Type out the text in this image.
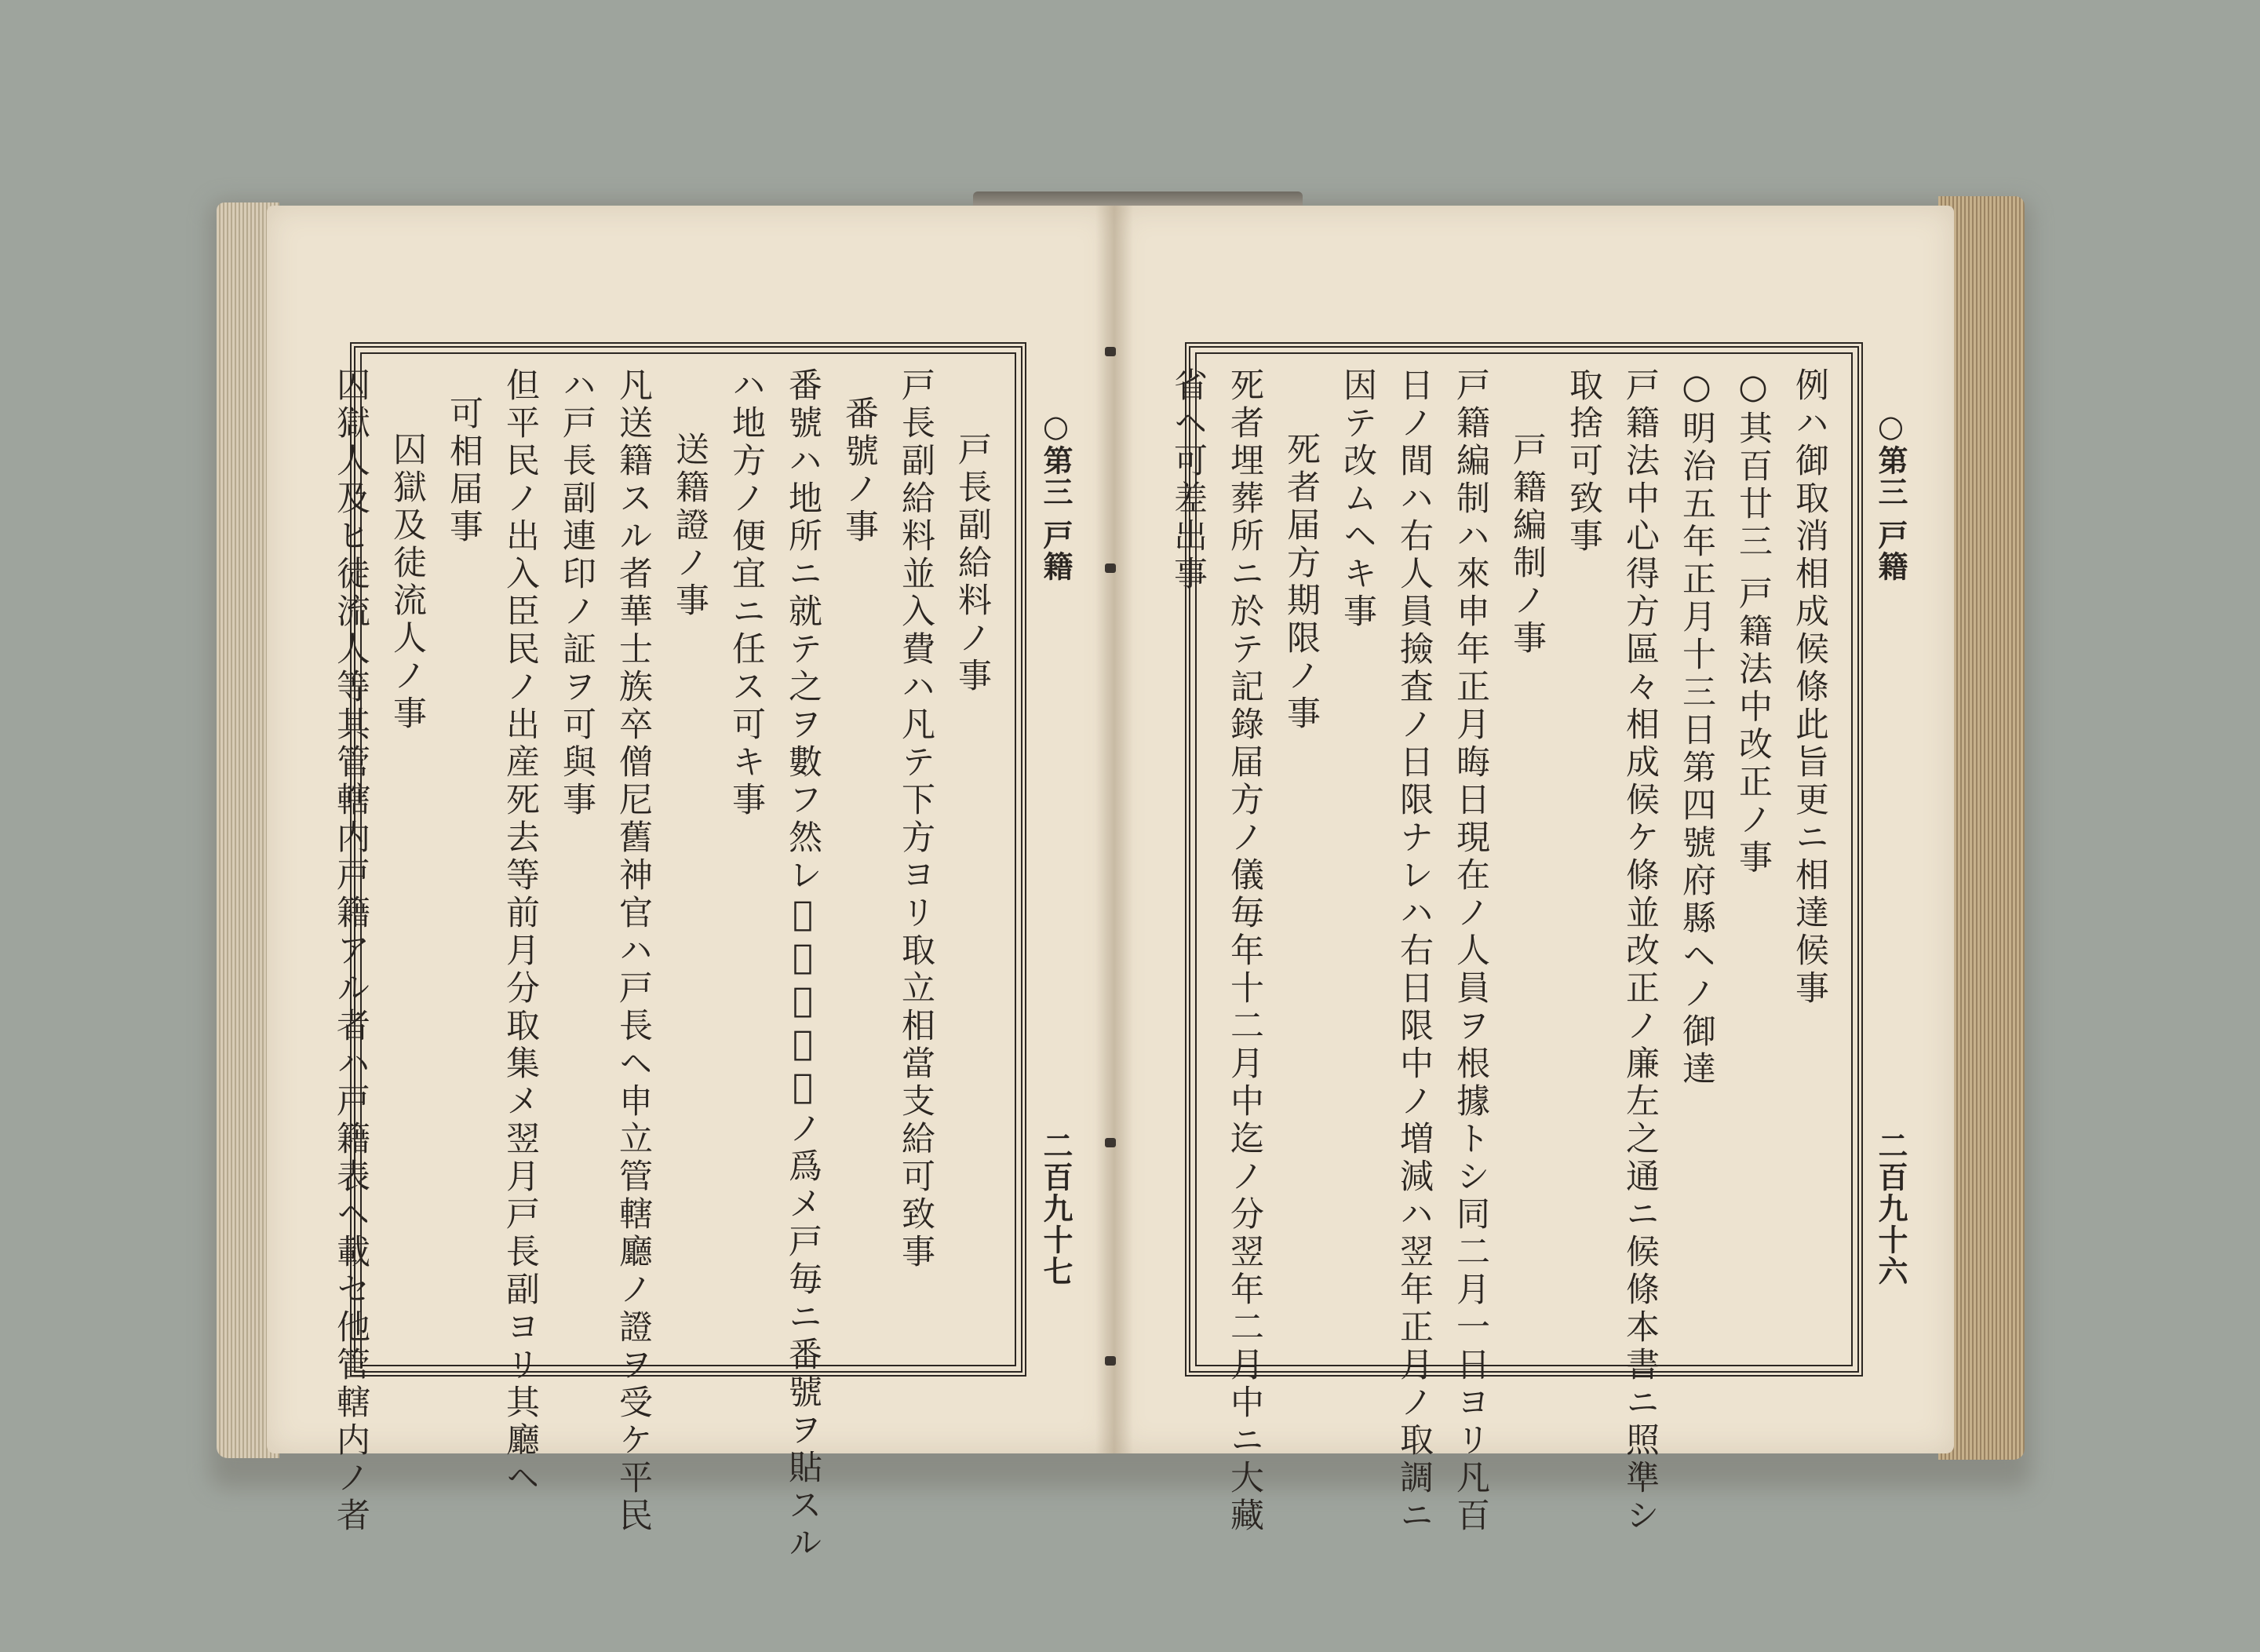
○第三 戸籍
二百九十七
戸長副給料ノ事
戸長副給料並入費ハ凡テ下方ヨリ取立相當支給可致事
番號ノ事
番號ハ地所ニ就テ之ヲ數フ然レ𪜈戸數點撿ノ爲メ戸毎ニ番號ヲ貼スル
ハ地方ノ便宜ニ任ス可キ事
送籍證ノ事
凡送籍スル者華士族卒僧尼舊神官ハ戸長ヘ申立管轄廳ノ證ヲ受ケ平民
ハ戸長副連印ノ証ヲ可與事
但平民ノ出入臣民ノ出産死去等前月分取集メ翌月戸長副ヨリ其廳ヘ
可相届事
囚獄及徒流人ノ事
囚獄人及ヒ徒流人等其管轄内戸籍アル者ハ戸籍表ヘ載セ他管轄内ノ者	○第三 戸籍
二百九十六
例ハ御取消相成候條此旨更ニ相達候事
○其百廿三 戸籍法中改正ノ事
○明治五年正月十三日第四號府縣ヘノ御達
戸籍法中心得方區々相成候ケ條並改正ノ廉左之通ニ候條本書ニ照準シ
取捨可致事
戸籍編制ノ事
戸籍編制ハ來申年正月晦日現在ノ人員ヲ根據トシ同二月一日ヨリ凡百
日ノ間ハ右人員撿査ノ日限ナレハ右日限中ノ増減ハ翌年正月ノ取調ニ
因テ改ムヘキ事
死者届方期限ノ事
死者埋葬所ニ於テ記錄届方ノ儀毎年十二月中迄ノ分翌年二月中ニ大藏
省ヘ可差出事
